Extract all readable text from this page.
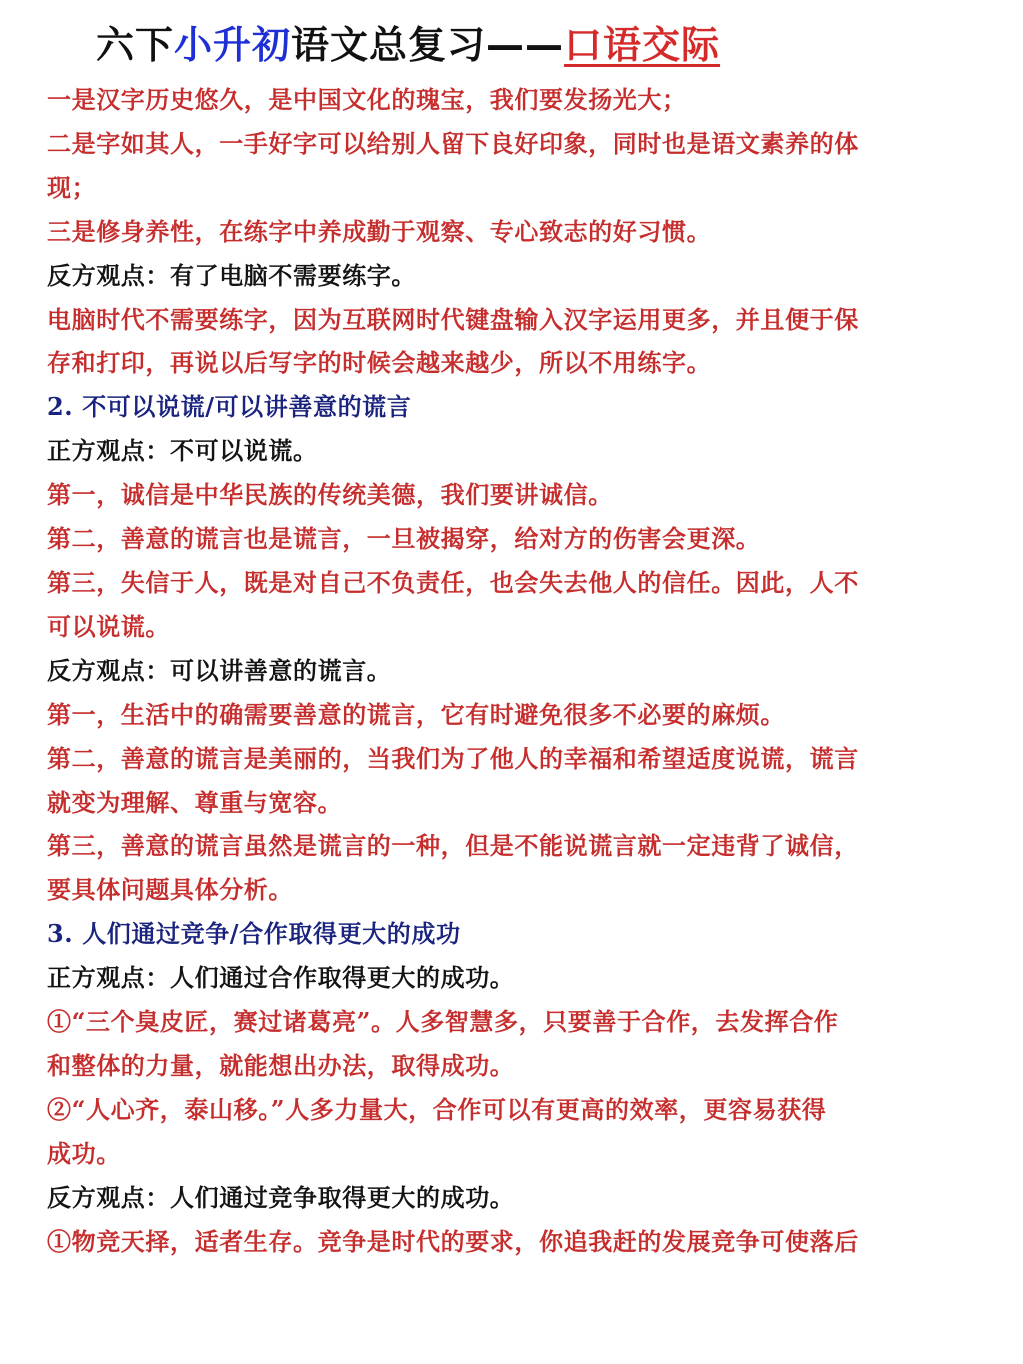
六下小升初语文总复习——口语交际
一是汉字历史悠久，是中国文化的瑰宝，我们要发扬光大；
二是字如其人，一手好字可以给别人留下良好印象，同时也是语文素养的体
现；
三是修身养性，在练字中养成勤于观察、专心致志的好习惯。
反方观点：有了电脑不需要练字。
电脑时代不需要练字，因为互联网时代键盘输入汉字运用更多，并且便于保
存和打印，再说以后写字的时候会越来越少，所以不用练字。
2. 不可以说谎/可以讲善意的谎言
正方观点：不可以说谎。
第一，诚信是中华民族的传统美德，我们要讲诚信。
第二，善意的谎言也是谎言，一旦被揭穿，给对方的伤害会更深。
第三，失信于人，既是对自己不负责任，也会失去他人的信任。因此，人不
可以说谎。
反方观点：可以讲善意的谎言。
第一，生活中的确需要善意的谎言，它有时避免很多不必要的麻烦。
第二，善意的谎言是美丽的，当我们为了他人的幸福和希望适度说谎，谎言
就变为理解、尊重与宽容。
第三，善意的谎言虽然是谎言的一种，但是不能说谎言就一定违背了诚信，
要具体问题具体分析。
3. 人们通过竞争/合作取得更大的成功
正方观点：人们通过合作取得更大的成功。
①“三个臭皮匠，赛过诸葛亮”。人多智慧多，只要善于合作，去发挥合作
和整体的力量，就能想出办法，取得成功。
②“人心齐，泰山移。”人多力量大，合作可以有更高的效率，更容易获得
成功。
反方观点：人们通过竞争取得更大的成功。
①物竞天择，适者生存。竞争是时代的要求，你追我赶的发展竞争可使落后
